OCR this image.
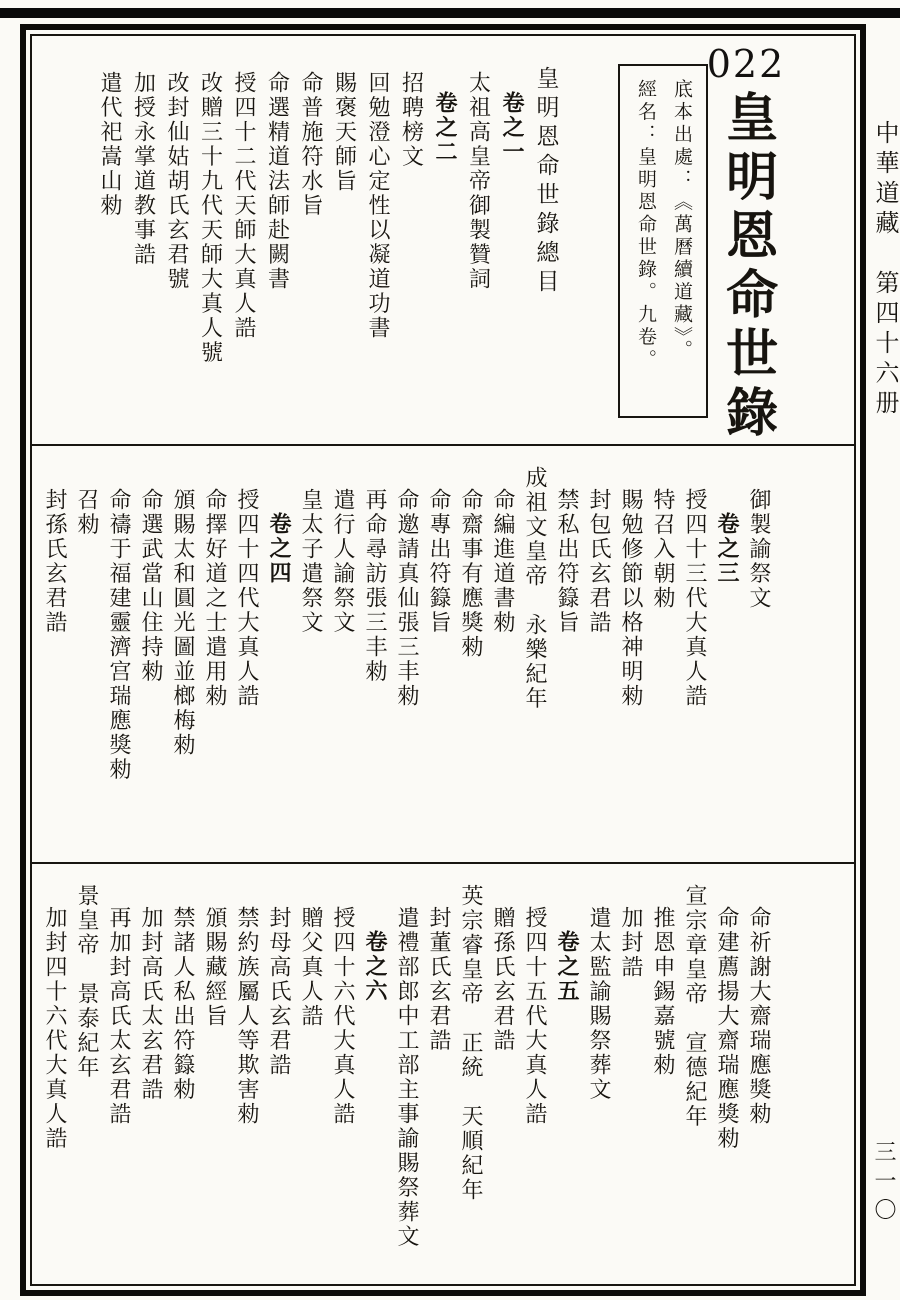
中華道藏　第四十六册
三一〇
皇明恩命世錄總目
卷之一
太祖高皇帝御製贊詞
卷之二
招聘榜文
回勉澄心定性以凝道功書
賜褒天師旨
命普施符水旨
命選精道法師赴闕書
授四十二代天師大真人誥
改贈三十九代天師大真人號
改封仙姑胡氏玄君號
加授永掌道教事誥
遣代祀嵩山勑	底本出處：《萬曆續道藏》。
經名：皇明恩命世錄。九卷。
022
皇明恩命世錄
御製諭祭文
卷之三
授四十三代大真人誥
特召入朝勑
賜勉修節以格神明勑
封包氏玄君誥
禁私出符籙旨
成祖文皇帝　永樂紀年
命編進道書勑
命齋事有應獎勑
命專出符籙旨
命邀請真仙張三丰勑
再命尋訪張三丰勑
遣行人諭祭文
皇太子遣祭文
卷之四
授四十四代大真人誥
命擇好道之士遣用勑
頒賜太和圓光圖並榔梅勑
命選武當山住持勑
命禱于福建靈濟宫瑞應獎勑
召勑
封孫氏玄君誥
命祈謝大齋瑞應獎勑
命建薦揚大齋瑞應獎勑
宣宗章皇帝　宣德紀年
推恩申錫嘉號勑
加封誥
遣太監諭賜祭葬文
卷之五
授四十五代大真人誥
贈孫氏玄君誥
英宗睿皇帝　正統　天順紀年
封董氏玄君誥
遣禮部郎中工部主事諭賜祭葬文
卷之六
授四十六代大真人誥
贈父真人誥
封母高氏玄君誥
禁約族屬人等欺害勑
頒賜藏經旨
禁諸人私出符籙勑
加封高氏太玄君誥
再加封高氏太玄君誥
景皇帝　景泰紀年
加封四十六代大真人誥
